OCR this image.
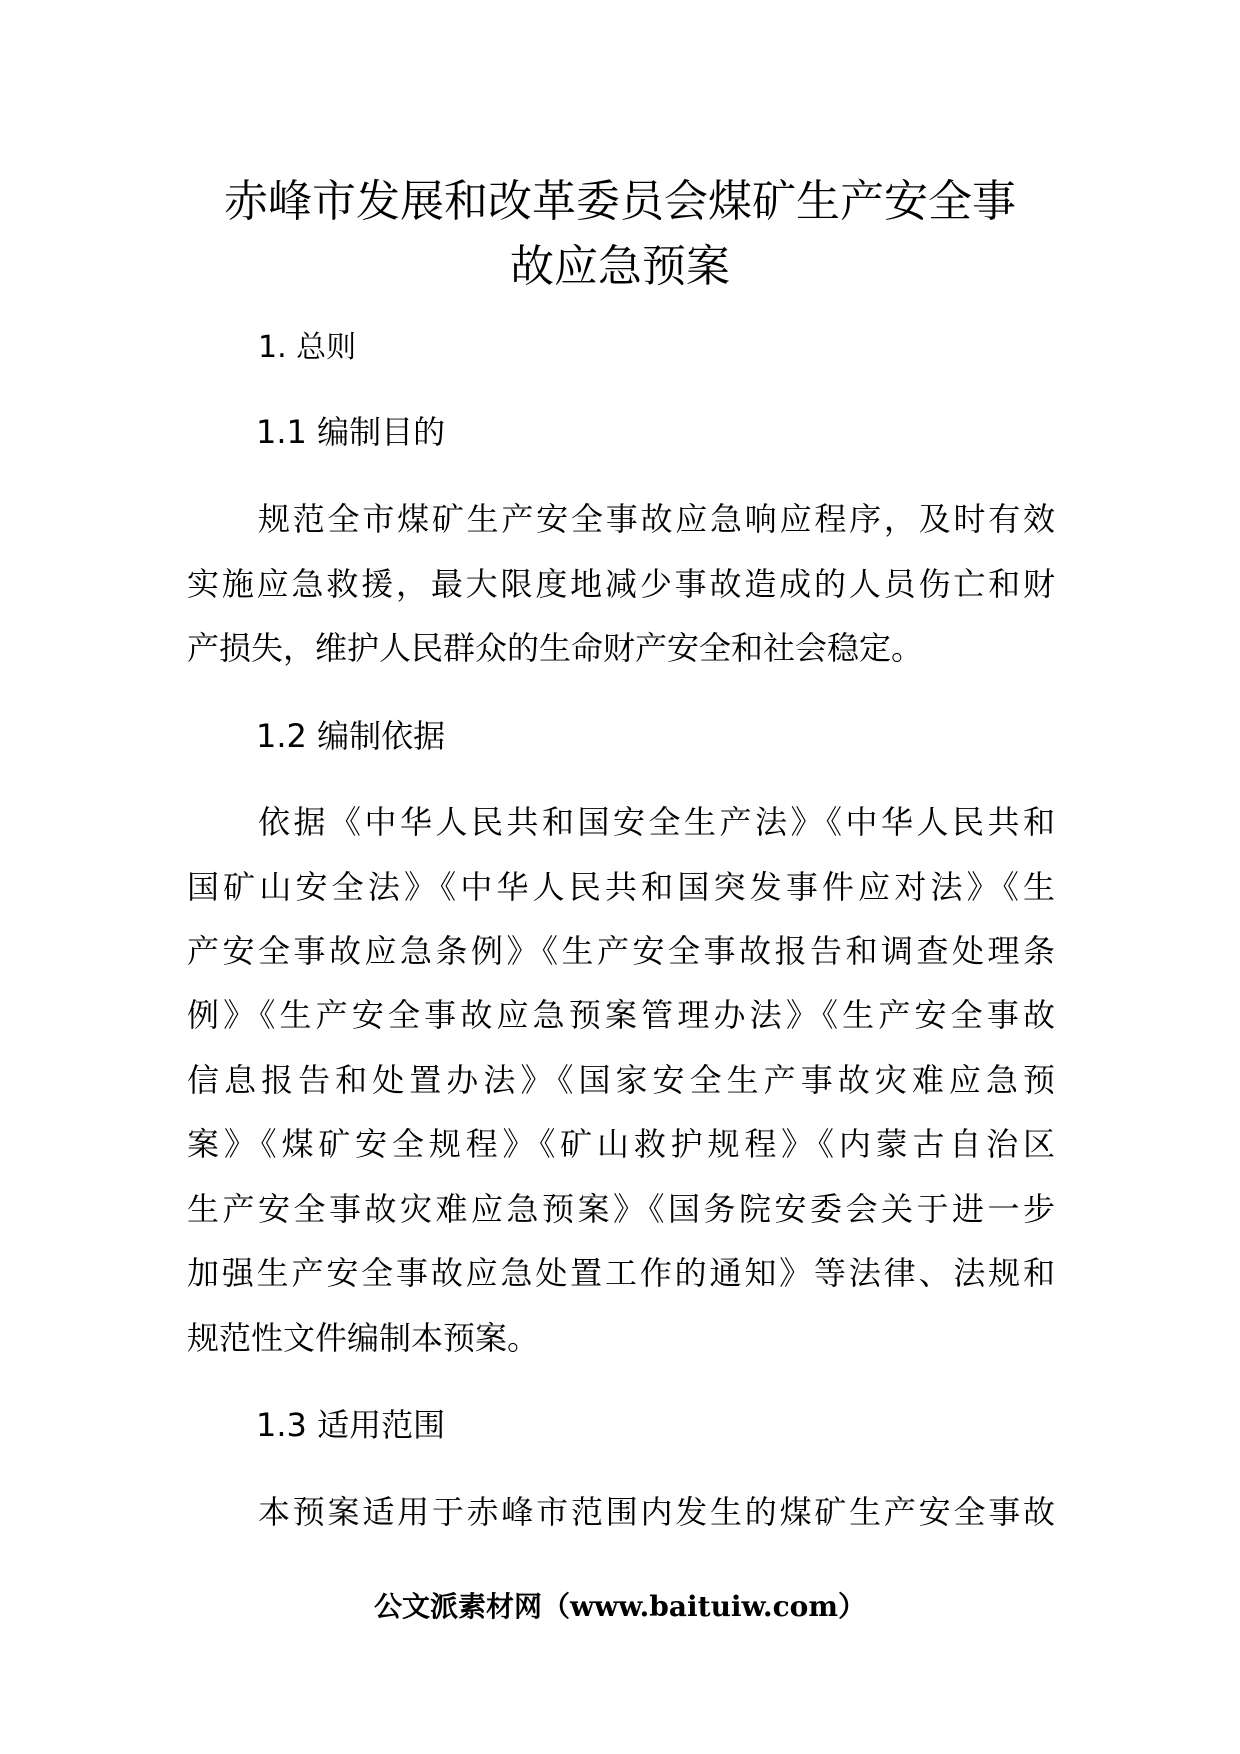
赤峰市发展和改革委员会煤矿生产安全事
故应急预案
1. 总则
1.1 编制目的
规范全市煤矿生产安全事故应急响应程序，及时有效
实施应急救援，最大限度地减少事故造成的人员伤亡和财
产损失，维护人民群众的生命财产安全和社会稳定。
1.2 编制依据
依据《中华人民共和国安全生产法》《中华人民共和
国矿山安全法》《中华人民共和国突发事件应对法》《生
产安全事故应急条例》《生产安全事故报告和调查处理条
例》《生产安全事故应急预案管理办法》《生产安全事故
信息报告和处置办法》《国家安全生产事故灾难应急预
案》《煤矿安全规程》《矿山救护规程》《内蒙古自治区
生产安全事故灾难应急预案》《国务院安委会关于进一步
加强生产安全事故应急处置工作的通知》等法律、法规和
规范性文件编制本预案。
1.3 适用范围
本预案适用于赤峰市范围内发生的煤矿生产安全事故
公文派素材网（www.baituiw.com）
